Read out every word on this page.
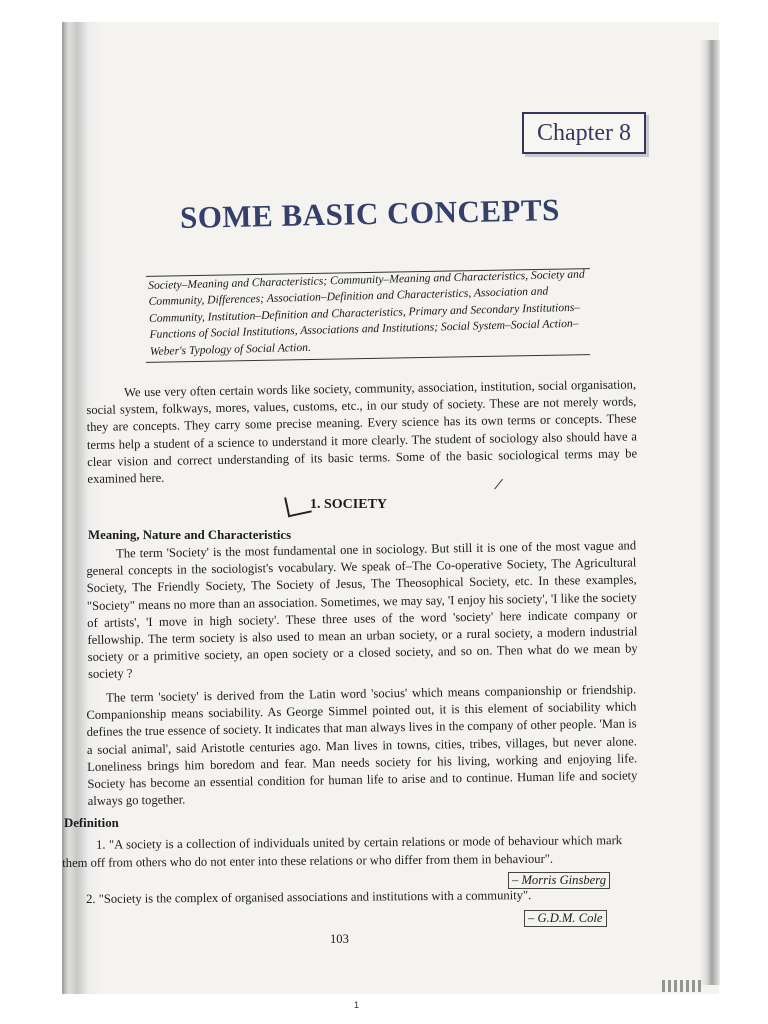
Chapter 8
SOME BASIC CONCEPTS
Society–Meaning and Characteristics; Community–Meaning and Characteristics, Society and Community, Differences; Association–Definition and Characteristics, Association and Community, Institution–Definition and Characteristics, Primary and Secondary Institutions–Functions of Social Institutions, Associations and Institutions; Social System–Social Action–Weber's Typology of Social Action.
We use very often certain words like society, community, association, institution, social organisation, social system, folkways, mores, values, customs, etc., in our study of society. These are not merely words, they are concepts. They carry some precise meaning. Every science has its own terms or concepts. These terms help a student of a science to understand it more clearly. The student of sociology also should have a clear vision and correct understanding of its basic terms. Some of the basic sociological terms may be examined here.	/
1. SOCIETY
Meaning, Nature and Characteristics
The term 'Society' is the most fundamental one in sociology. But still it is one of the most vague and general concepts in the sociologist's vocabulary. We speak of–The Co-operative Society, The Agricultural Society, The Friendly Society, The Society of Jesus, The Theosophical Society, etc. In these examples, "Society" means no more than an association. Sometimes, we may say, 'I enjoy his society', 'I like the society of artists', 'I move in high society'. These three uses of the word 'society' here indicate company or fellowship. The term society is also used to mean an urban society, or a rural society, a modern industrial society or a primitive society, an open society or a closed society, and so on. Then what do we mean by society ?
The term 'society' is derived from the Latin word 'socius' which means companionship or friendship. Companionship means sociability. As George Simmel pointed out, it is this element of sociability which defines the true essence of society. It indicates that man always lives in the company of other people. 'Man is a social animal', said Aristotle centuries ago. Man lives in towns, cities, tribes, villages, but never alone. Loneliness brings him boredom and fear. Man needs society for his living, working and enjoying life. Society has become an essential condition for human life to arise and to continue. Human life and society always go together.
Definition
1. "A society is a collection of individuals united by certain relations or mode of behaviour which mark them off from others who do not enter into these relations or who differ from them in behaviour".
– Morris Ginsberg
2. "Society is the complex of organised associations and institutions with a community".
– G.D.M. Cole
103
1
